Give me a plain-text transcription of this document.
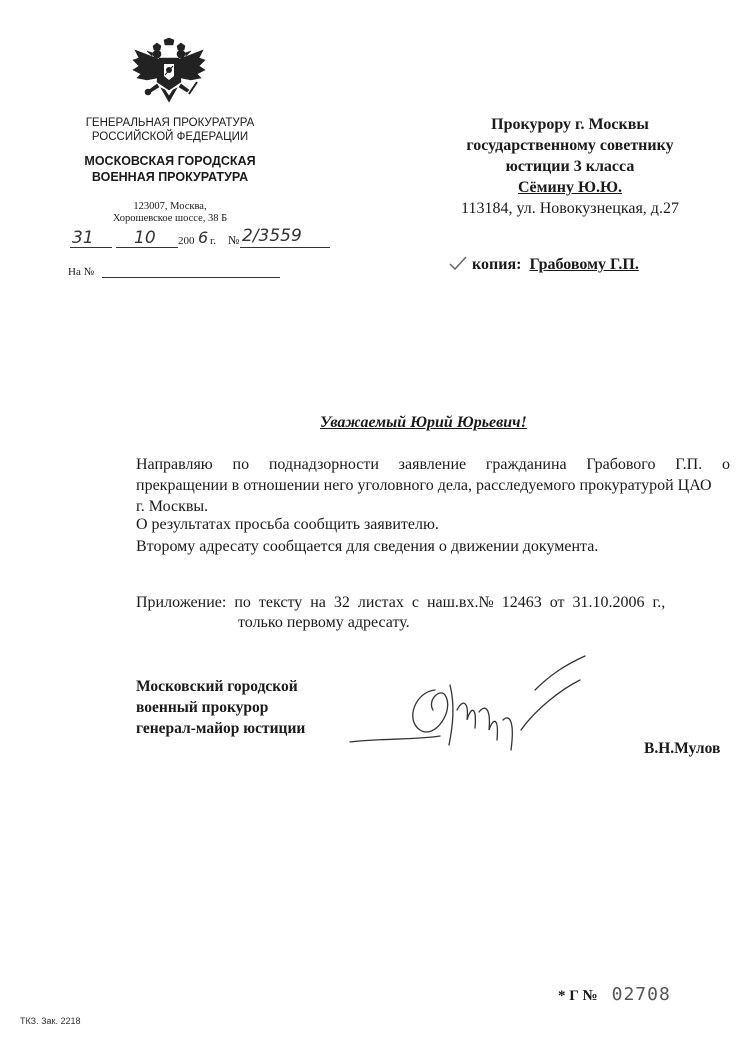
ГЕНЕРАЛЬНАЯ ПРОКУРАТУРА
РОССИЙСКОЙ ФЕДЕРАЦИИ
МОСКОВСКАЯ ГОРОДСКАЯ
ВОЕННАЯ ПРОКУРАТУРА
123007, Москва,
Хорошевское шоссе, 38 Б
31 10 200 6 г. № 2/3559
На №
Прокурору г. Москвы
государственному советнику
юстиции 3 класса
Сёмину Ю.Ю.
113184, ул. Новокузнецкая, д.27
копия: Грабовому Г.П.
Уважаемый Юрий Юрьевич!
Направляю по поднадзорности заявление гражданина Грабового Г.П. о
прекращении в отношении него уголовного дела, расследуемого прокуратурой ЦАО
г. Москвы.
О результатах просьба сообщить заявителю.
Второму адресату сообщается для сведения о движении документа.
Приложение:  по  тексту  на  32  листах  с  наш.вх.№  12463  от  31.10.2006  г.,
только первому адресату.
Московский городской
военный прокурор
генерал-майор юстиции
В.Н.Мулов
* Г № 02708
ТКЗ. Зак. 2218
